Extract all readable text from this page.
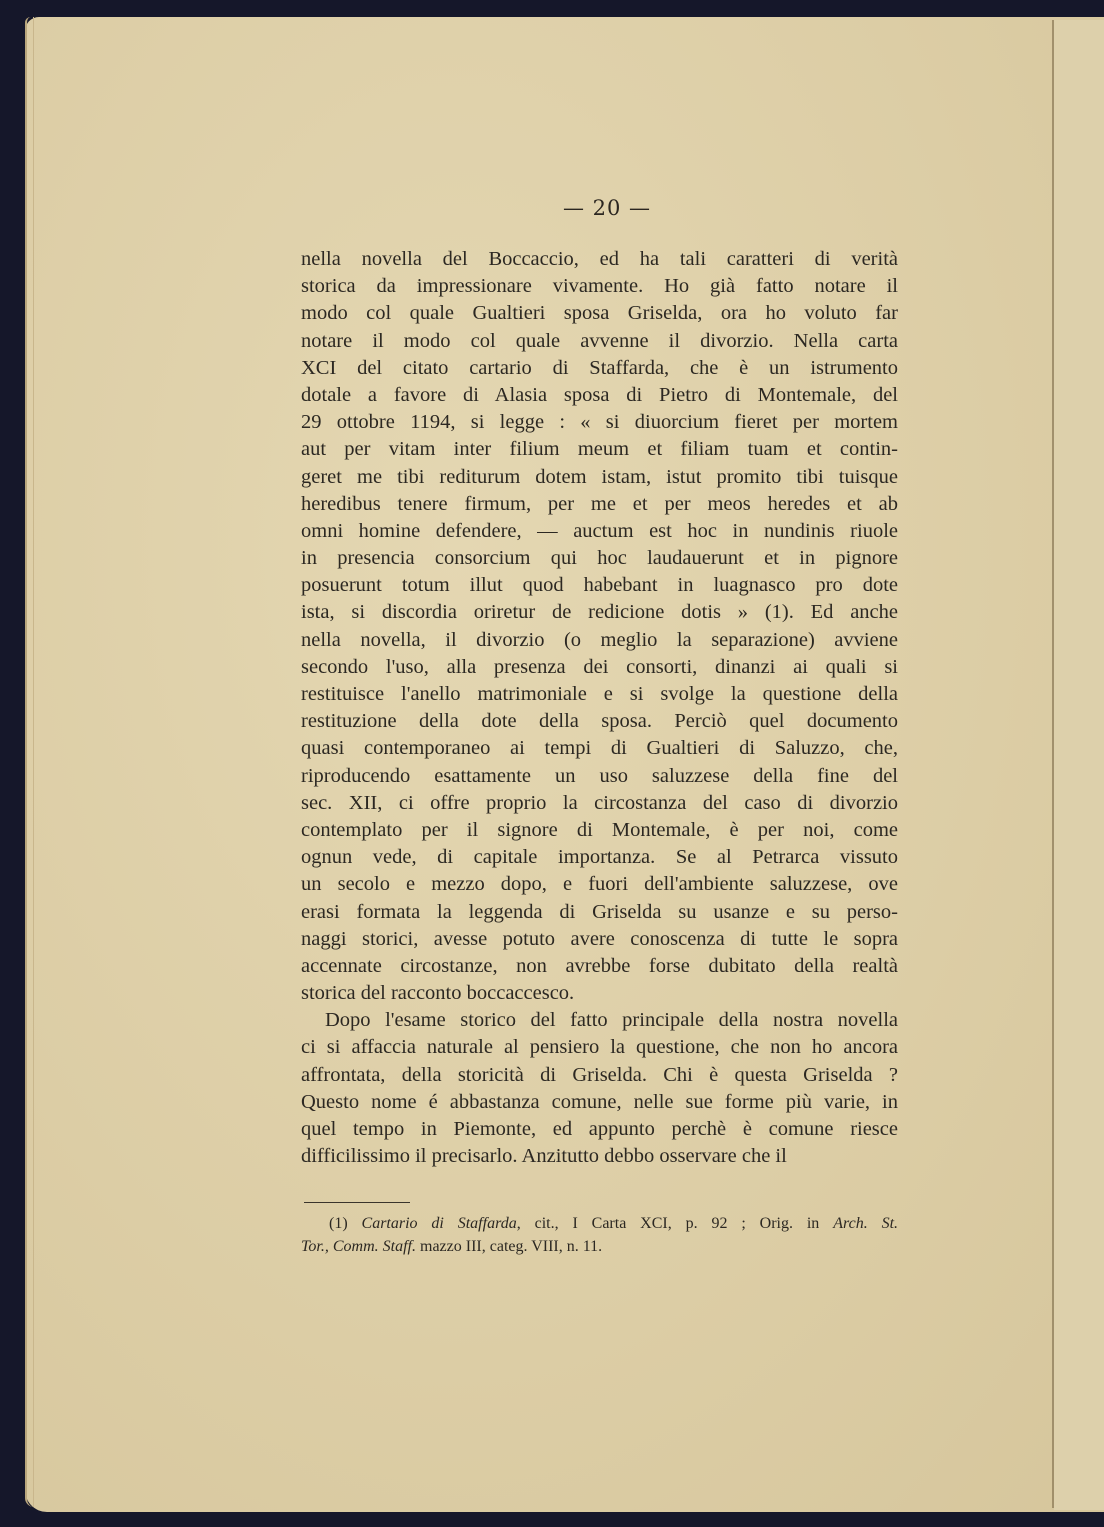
— 20 —
nella novella del Boccaccio, ed ha tali caratteri di verità
storica da impressionare vivamente. Ho già fatto notare il
modo col quale Gualtieri sposa Griselda, ora ho voluto far
notare il modo col quale avvenne il divorzio. Nella carta
XCI del citato cartario di Staffarda, che è un istrumento
dotale a favore di Alasia sposa di Pietro di Montemale, del
29 ottobre 1194, si legge : « si diuorcium fieret per mortem
aut per vitam inter filium meum et filiam tuam et contin-
geret me tibi rediturum dotem istam, istut promito tibi tuisque
heredibus tenere firmum, per me et per meos heredes et ab
omni homine defendere, — auctum est hoc in nundinis riuole
in presencia consorcium qui hoc laudauerunt et in pignore
posuerunt totum illut quod habebant in luagnasco pro dote
ista, si discordia oriretur de redicione dotis » (1). Ed anche
nella novella, il divorzio (o meglio la separazione) avviene
secondo l'uso, alla presenza dei consorti, dinanzi ai quali si
restituisce l'anello matrimoniale e si svolge la questione della
restituzione della dote della sposa. Perciò quel documento
quasi contemporaneo ai tempi di Gualtieri di Saluzzo, che,
riproducendo esattamente un uso saluzzese della fine del
sec. XII, ci offre proprio la circostanza del caso di divorzio
contemplato per il signore di Montemale, è per noi, come
ognun vede, di capitale importanza. Se al Petrarca vissuto
un secolo e mezzo dopo, e fuori dell'ambiente saluzzese, ove
erasi formata la leggenda di Griselda su usanze e su perso-
naggi storici, avesse potuto avere conoscenza di tutte le sopra
accennate circostanze, non avrebbe forse dubitato della realtà
storica del racconto boccaccesco.
Dopo l'esame storico del fatto principale della nostra novella
ci si affaccia naturale al pensiero la questione, che non ho ancora
affrontata, della storicità di Griselda. Chi è questa Griselda ?
Questo nome é abbastanza comune, nelle sue forme più varie, in
quel tempo in Piemonte, ed appunto perchè è comune riesce
difficilissimo il precisarlo. Anzitutto debbo osservare che il
(1) Cartario di Staffarda, cit., I Carta XCI, p. 92 ; Orig. in Arch. St.
Tor., Comm. Staff. mazzo III, categ. VIII, n. 11.
